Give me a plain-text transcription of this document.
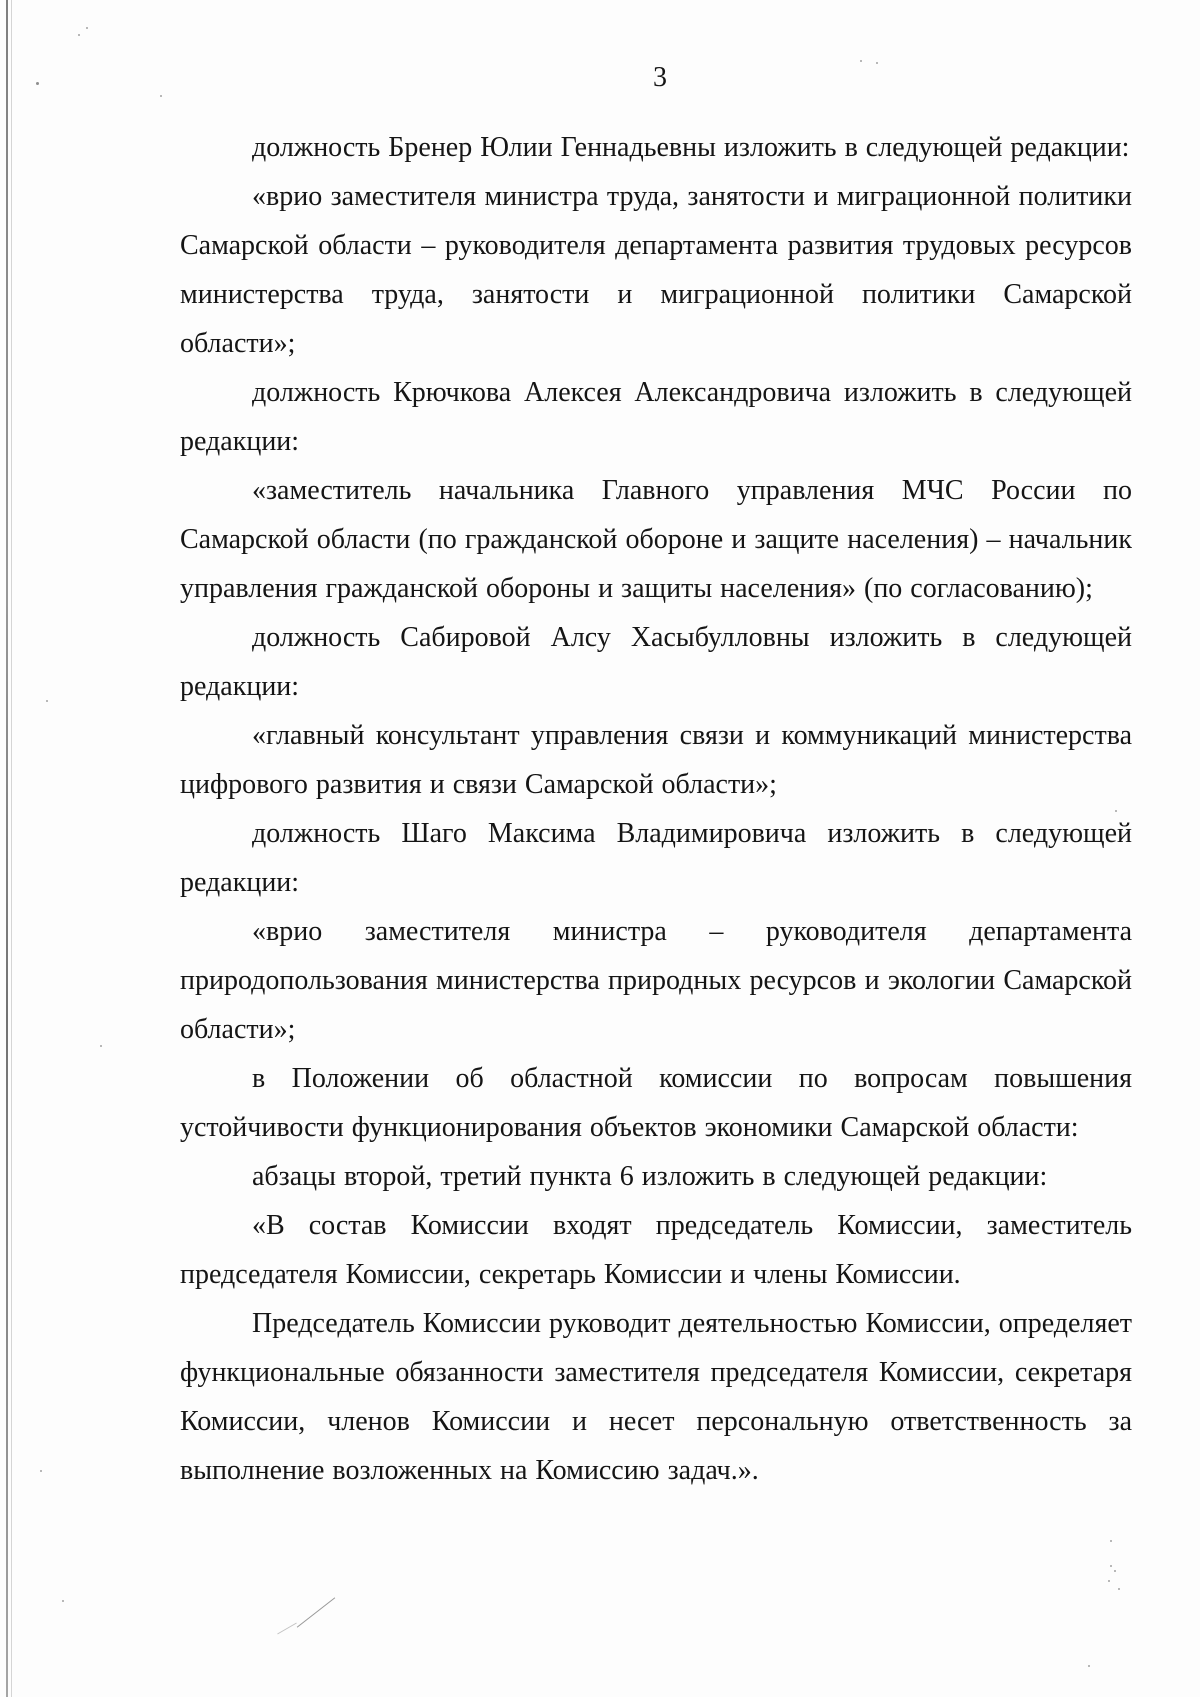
3

должность Бренер Юлии Геннадьевны изложить в следующей редакции:

«врио заместителя министра труда, занятости и миграционной политики Самарской области – руководителя департамента развития трудовых ресурсов министерства труда, занятости и миграционной политики Самарской области»;

должность Крючкова Алексея Александровича изложить в следующей редакции:

«заместитель начальника Главного управления МЧС России по Самарской области (по гражданской обороне и защите населения) – начальник управления гражданской обороны и защиты населения» (по согласованию);

должность Сабировой Алсу Хасыбулловны изложить в следующей редакции:

«главный консультант управления связи и коммуникаций министерства цифрового развития и связи Самарской области»;

должность Шаго Максима Владимировича изложить в следующей редакции:

«врио заместителя министра – руководителя департамента природопользования министерства природных ресурсов и экологии Самарской области»;

в Положении об областной комиссии по вопросам повышения устойчивости функционирования объектов экономики Самарской области:

абзацы второй, третий пункта 6 изложить в следующей редакции:

«В состав Комиссии входят председатель Комиссии, заместитель председателя Комиссии, секретарь Комиссии и члены Комиссии.

Председатель Комиссии руководит деятельностью Комиссии, определяет функциональные обязанности заместителя председателя Комиссии, секретаря Комиссии, членов Комиссии и несет персональную ответственность за выполнение возложенных на Комиссию задач.».
